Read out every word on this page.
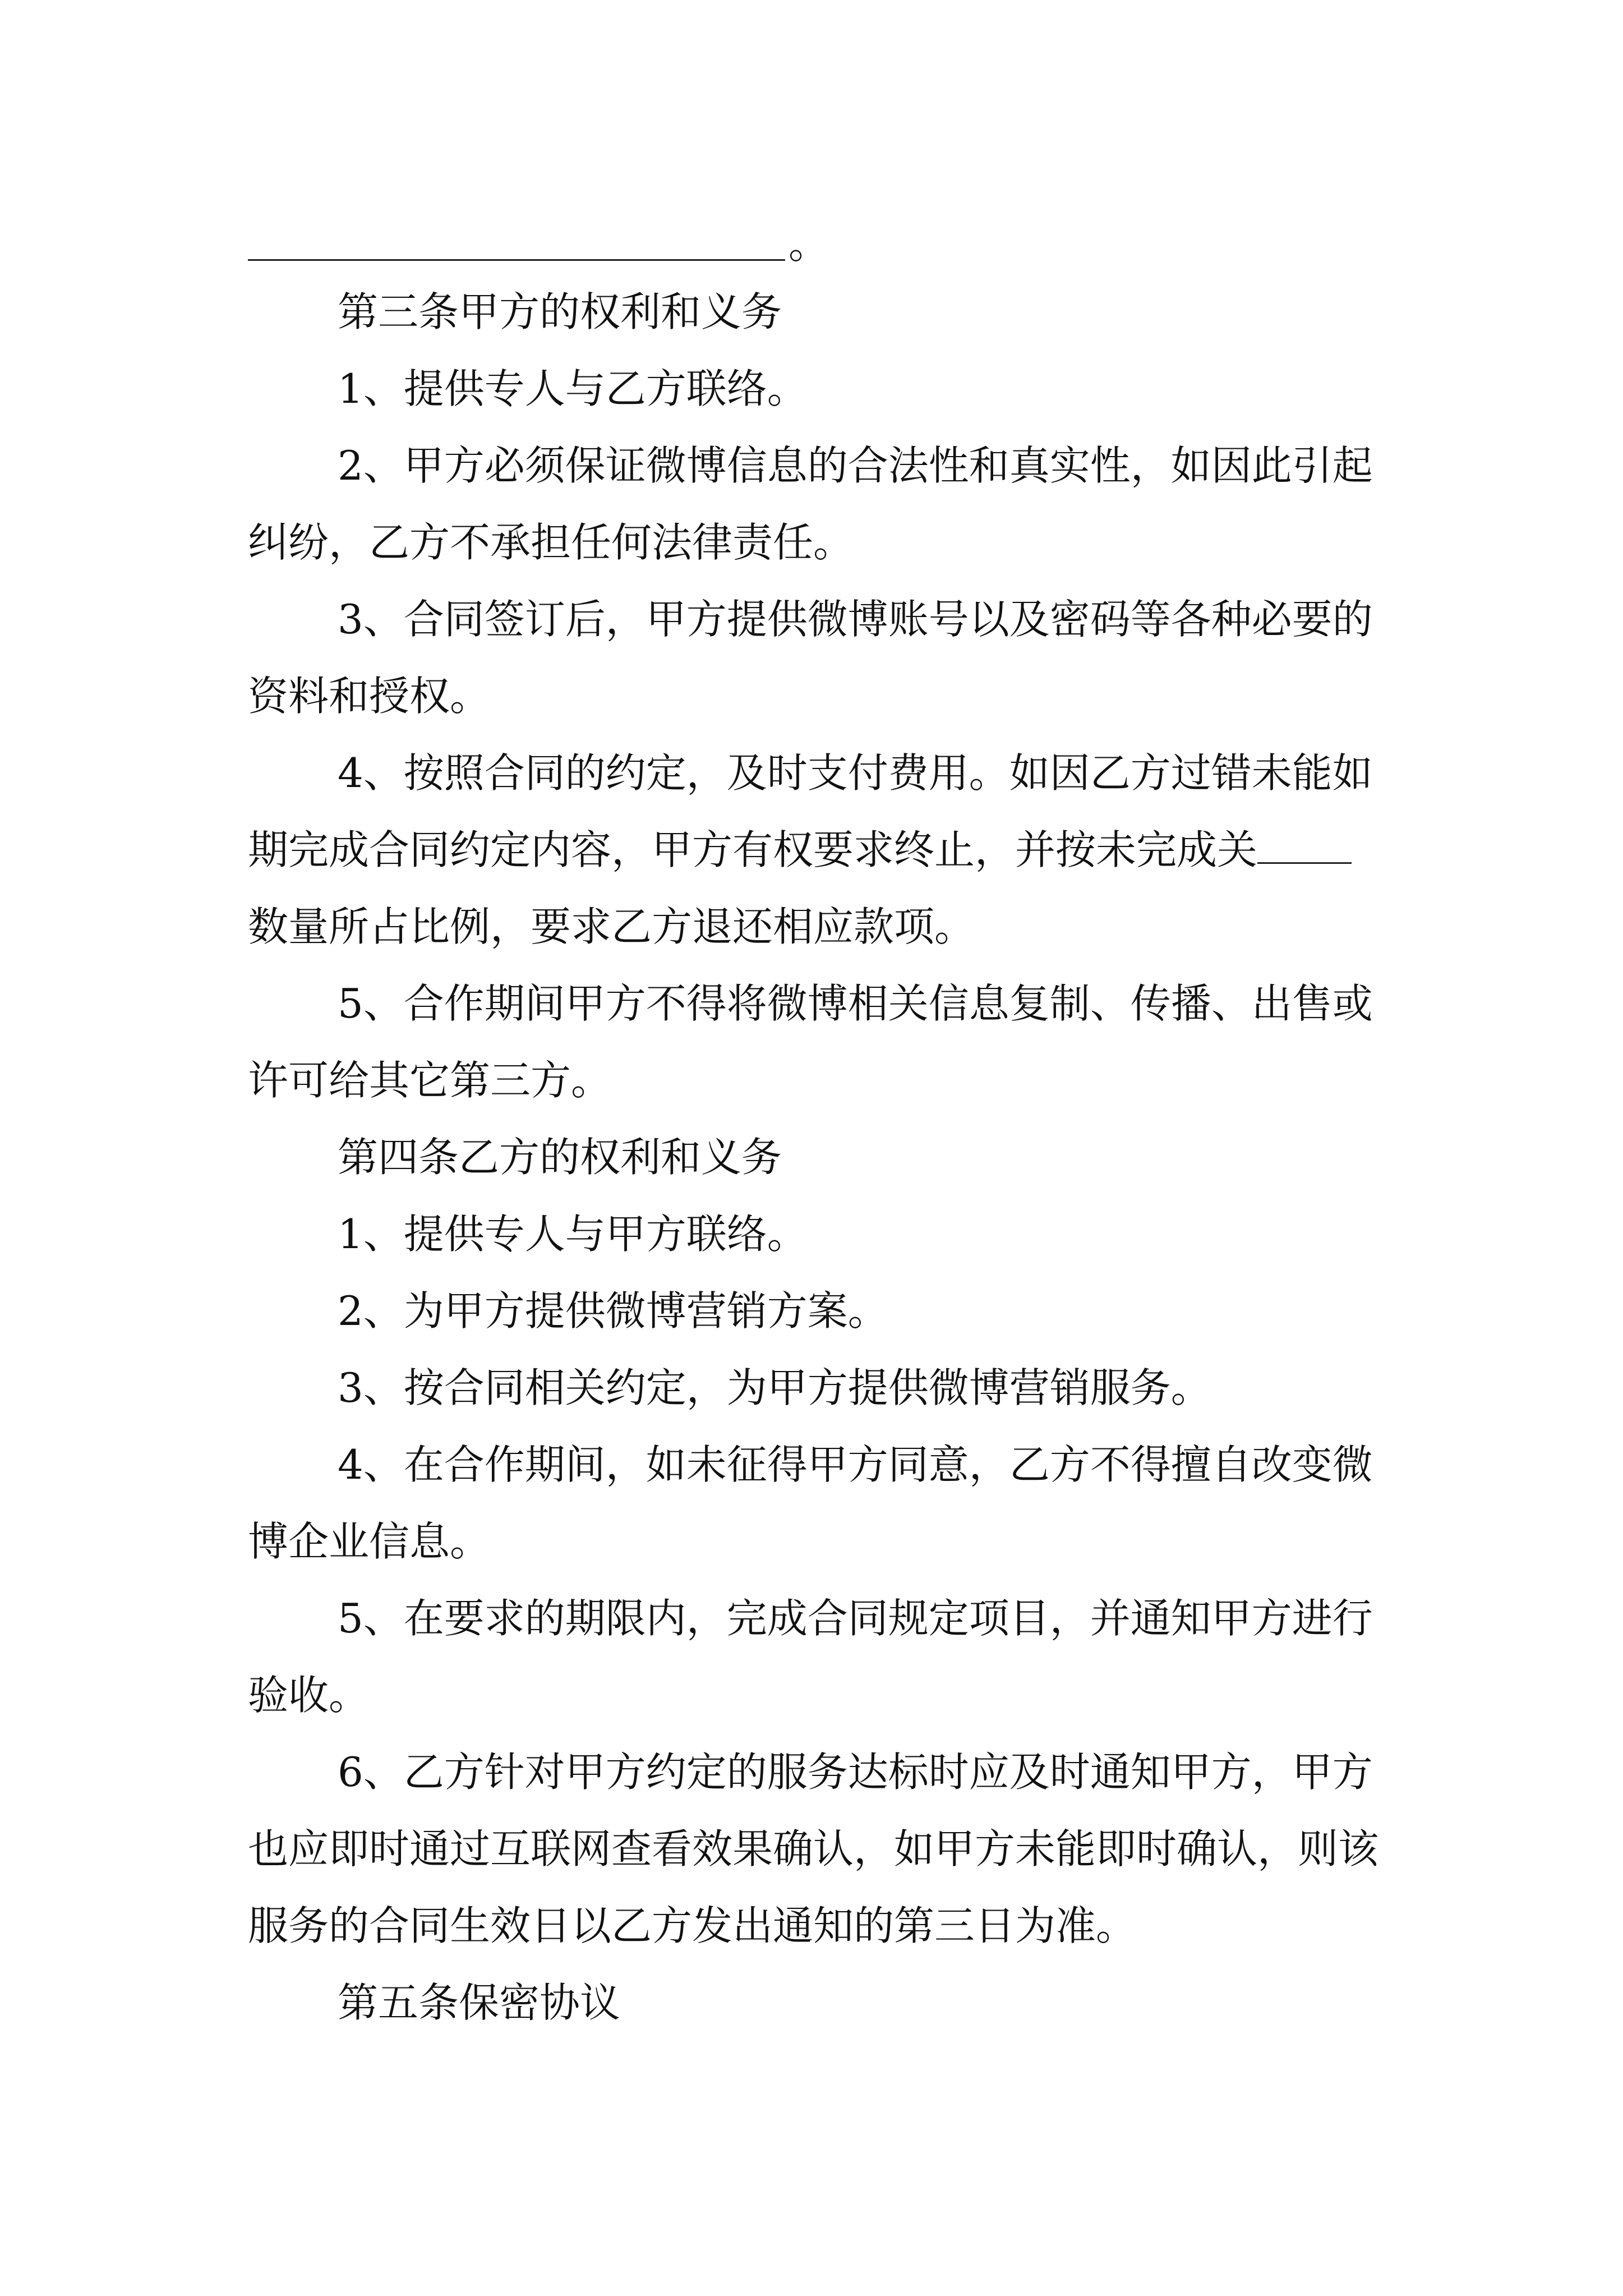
。

第三条甲方的权利和义务

1、提供专人与乙方联络。

2、甲方必须保证微博信息的合法性和真实性，如因此引起纠纷，乙方不承担任何法律责任。

3、合同签订后，甲方提供微博账号以及密码等各种必要的资料和授权。

4、按照合同的约定，及时支付费用。如因乙方过错未能如期完成合同约定内容，甲方有权要求终止，并按未完成关数量所占比例，要求乙方退还相应款项。

5、合作期间甲方不得将微博相关信息复制、传播、出售或许可给其它第三方。

第四条乙方的权利和义务

1、提供专人与甲方联络。

2、为甲方提供微博营销方案。

3、按合同相关约定，为甲方提供微博营销服务。

4、在合作期间，如未征得甲方同意，乙方不得擅自改变微博企业信息。

5、在要求的期限内，完成合同规定项目，并通知甲方进行验收。

6、乙方针对甲方约定的服务达标时应及时通知甲方，甲方也应即时通过互联网查看效果确认，如甲方未能即时确认，则该服务的合同生效日以乙方发出通知的第三日为准。

第五条保密协议
